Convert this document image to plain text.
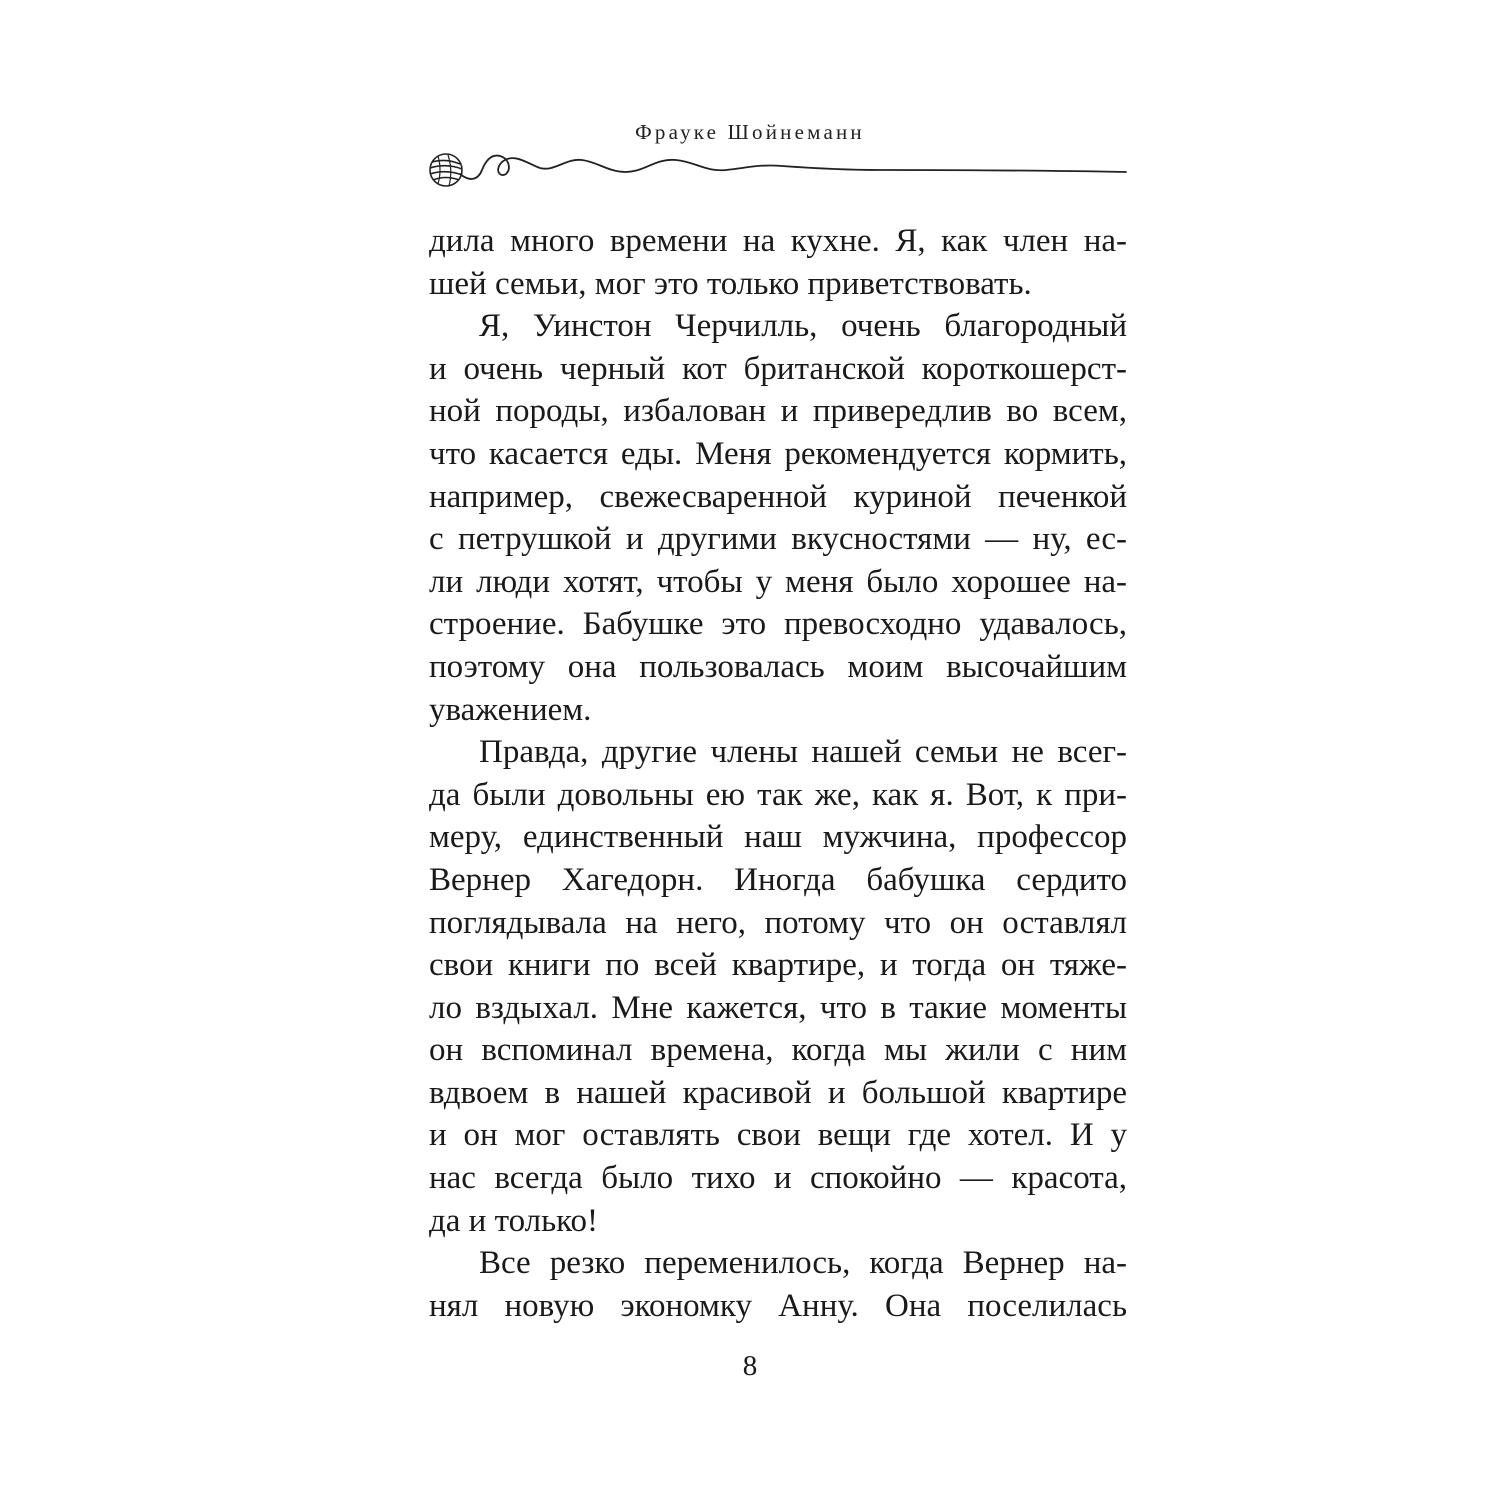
Фрауке Шойнеманн
дила много времени на кухне. Я, как член на-
шей семьи, мог это только приветствовать.
Я, Уинстон Черчилль, очень благородный
и очень черный кот британской короткошерст-
ной породы, избалован и привередлив во всем,
что касается еды. Меня рекомендуется кормить,
например, свежесваренной куриной печенкой
с петрушкой и другими вкусностями — ну, ес-
ли люди хотят, чтобы у меня было хорошее на-
строение. Бабушке это превосходно удавалось,
поэтому она пользовалась моим высочайшим
уважением.
Правда, другие члены нашей семьи не всег-
да были довольны ею так же, как я. Вот, к при-
меру, единственный наш мужчина, профессор
Вернер Хагедорн. Иногда бабушка сердито
поглядывала на него, потому что он оставлял
свои книги по всей квартире, и тогда он тяже-
ло вздыхал. Мне кажется, что в такие моменты
он вспоминал времена, когда мы жили с ним
вдвоем в нашей красивой и большой квартире
и он мог оставлять свои вещи где хотел. И у
нас всегда было тихо и спокойно — красота,
да и только!
Все резко переменилось, когда Вернер на-
нял новую экономку Анну. Она поселилась
8
